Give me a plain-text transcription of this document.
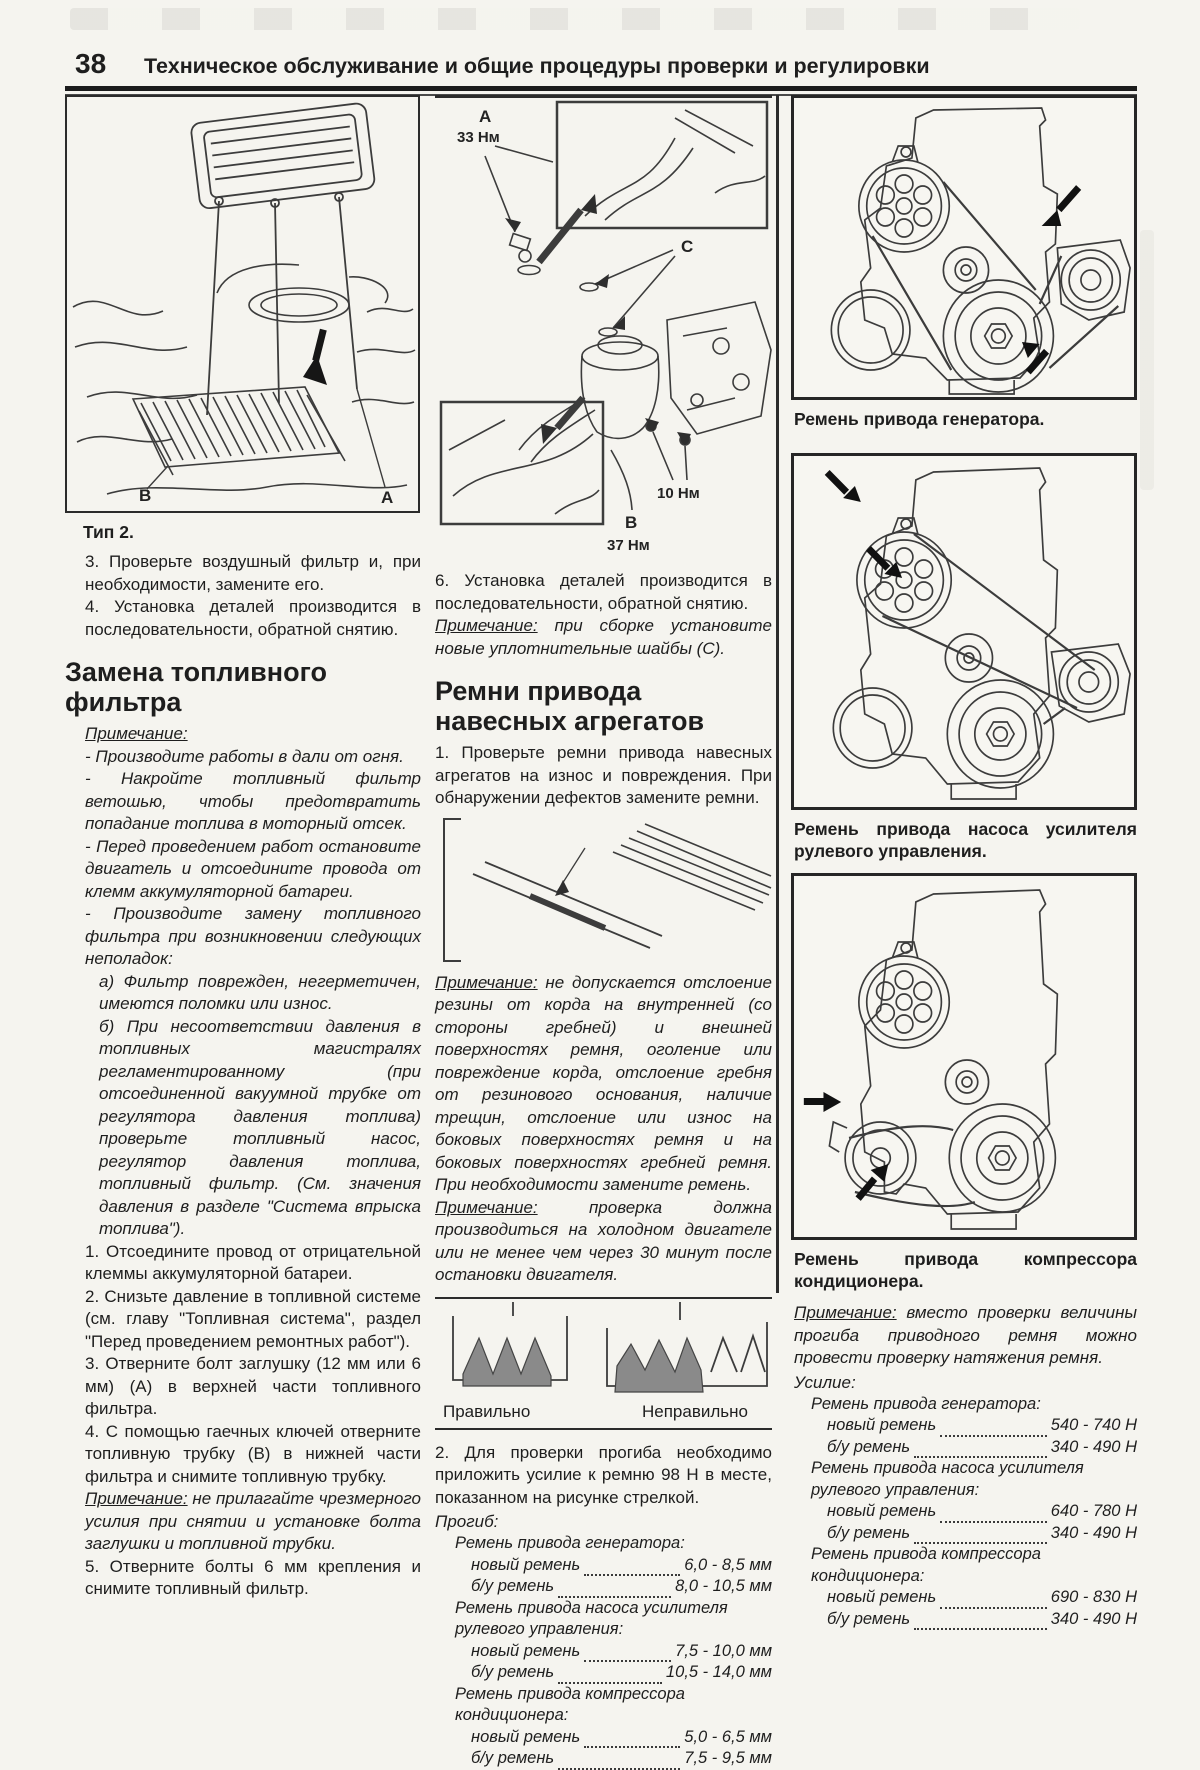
38 Техническое обслуживание и общие процедуры проверки и регулировки
B	A

Тип 2.

3. Проверьте воздушный фильтр и, при необходимости, замените его.

4. Установка деталей производится в последовательности, обратной снятию.

Замена топливного фильтра

Примечание:

- Производите работы в дали от огня.

- Накройте топливный фильтр ветошью, чтобы предотвратить попадание топлива в моторный отсек.

- Перед проведением работ остановите двигатель и отсоедините провода от клемм аккумуляторной батареи.

- Производите замену топливного фильтра при возникновении следующих неполадок:

а) Фильтр поврежден, негерметичен, имеются поломки или износ.

б) При несоответствии давления в топливных магистралях регламентированному (при отсоединенной вакуумной трубке от регулятора давления топлива) проверьте топливный насос, регулятор давления топлива, топливный фильтр. (См. значения давления в разделе "Система впрыска топлива").

1. Отсоедините провод от отрицательной клеммы аккумуляторной батареи.

2. Снизьте давление в топливной системе (см. главу "Топливная система", раздел "Перед проведением ремонтных работ").

3. Отверните болт заглушку (12 мм или 6 мм) (А) в верхней части топливного фильтра.

4. С помощью гаечных ключей отверните топливную трубку (В) в нижней части фильтра и снимите топливную трубку.

Примечание: не прилагайте чрезмерного усилия при снятии и установке болта заглушки и топливной трубки.

5. Отверните болты 6 мм крепления и снимите топливный фильтр.

A
33 Нм
C
10 Нм
B
37 Нм

6. Установка деталей производится в последовательности, обратной снятию.

Примечание: при сборке установите новые уплотнительные шайбы (С).

Ремни привода навесных агрегатов

1. Проверьте ремни привода навесных агрегатов на износ и повреждения. При обнаружении дефектов замените ремни.

Примечание: не допускается отслоение резины от корда на внутренней (со стороны гребней) и внешней поверхностях ремня, оголение или повреждение корда, отслоение гребня от резинового основания, наличие трещин, отслоение или износ на боковых поверхностях ремня и на боковых поверхностях гребней ремня. При необходимости замените ремень.

Примечание: проверка должна производиться на холодном двигателе или не менее чем через 30 минут после остановки двигателя.

Правильно	Неправильно

2. Для проверки прогиба необходимо приложить усилие к ремню 98 Н в месте, показанном на рисунке стрелкой.

Прогиб:

Ремень привода генератора:

новый ремень	6,0 - 8,5 мм
б/у ремень	8,0 - 10,5 мм

Ремень привода насоса усилителя рулевого управления:

новый ремень	7,5 - 10,0 мм
б/у ремень	10,5 - 14,0 мм

Ремень привода компрессора кондиционера:

новый ремень	5,0 - 6,5 мм
б/у ремень	7,5 - 9,5 мм

Ремень привода генератора.

Ремень привода насоса усилителя рулевого управления.

Ремень привода компрессора кондиционера.

Примечание: вместо проверки величины прогиба приводного ремня можно провести проверку натяжения ремня.

Усилие:

Ремень привода генератора:

новый ремень	540 - 740 Н
б/у ремень	340 - 490 Н

Ремень привода насоса усилителя рулевого управления:

новый ремень	640 - 780 Н
б/у ремень	340 - 490 Н

Ремень привода компрессора кондиционера:

новый ремень	690 - 830 Н
б/у ремень	340 - 490 Н
